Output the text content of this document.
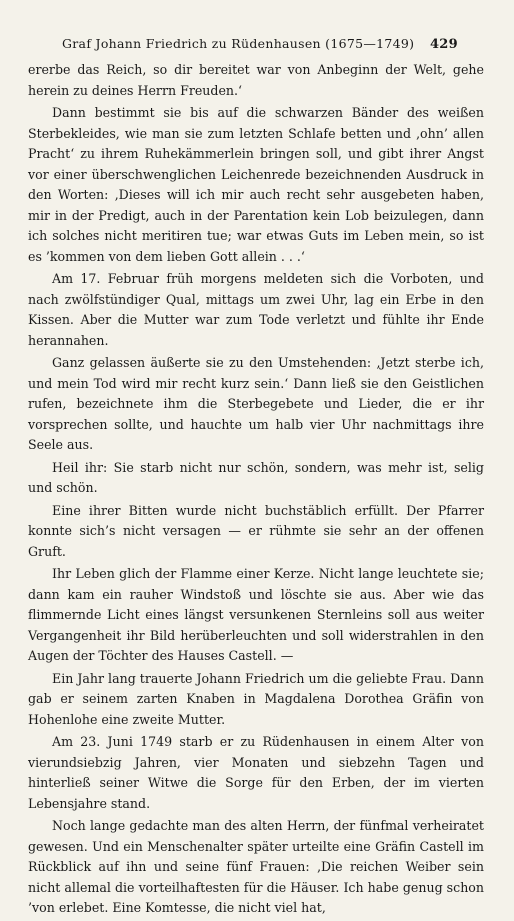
Graf Johann Friedrich zu Rüdenhausen (1675—1749) 429

ererbe das Reich, so dir bereitet war von Anbeginn der Welt, gehe herein zu deines Herrn Freuden.‘

Dann bestimmt sie bis auf die schwarzen Bänder des weißen Sterbekleides, wie man sie zum letzten Schlafe betten und ‚ohn’ allen Pracht‘ zu ihrem Ruhekämmerlein bringen soll, und gibt ihrer Angst vor einer überschwenglichen Leichenrede bezeichnenden Ausdruck in den Worten: ‚Dieses will ich mir auch recht sehr ausgebeten haben, mir in der Predigt, auch in der Parentation kein Lob beizulegen, dann ich solches nicht meritiren tue; war etwas Guts im Leben mein, so ist es ’kommen von dem lieben Gott allein . . .‘

Am 17. Februar früh morgens meldeten sich die Vorboten, und nach zwölfstündiger Qual, mittags um zwei Uhr, lag ein Erbe in den Kissen. Aber die Mutter war zum Tode verletzt und fühlte ihr Ende herannahen.

Ganz gelassen äußerte sie zu den Umstehenden: ‚Jetzt sterbe ich, und mein Tod wird mir recht kurz sein.‘ Dann ließ sie den Geistlichen rufen, bezeichnete ihm die Sterbegebete und Lieder, die er ihr vorsprechen sollte, und hauchte um halb vier Uhr nachmittags ihre Seele aus.

Heil ihr: Sie starb nicht nur schön, sondern, was mehr ist, selig und schön.

Eine ihrer Bitten wurde nicht buchstäblich erfüllt. Der Pfarrer konnte sich’s nicht versagen — er rühmte sie sehr an der offenen Gruft.

Ihr Leben glich der Flamme einer Kerze. Nicht lange leuchtete sie; dann kam ein rauher Windstoß und löschte sie aus. Aber wie das flimmernde Licht eines längst versunkenen Sternleins soll aus weiter Vergangenheit ihr Bild herüberleuchten und soll widerstrahlen in den Augen der Töchter des Hauses Castell. —

Ein Jahr lang trauerte Johann Friedrich um die geliebte Frau. Dann gab er seinem zarten Knaben in Magdalena Dorothea Gräfin von Hohenlohe eine zweite Mutter.

Am 23. Juni 1749 starb er zu Rüdenhausen in einem Alter von vierundsiebzig Jahren, vier Monaten und siebzehn Tagen und hinterließ seiner Witwe die Sorge für den Erben, der im vierten Lebensjahre stand.

Noch lange gedachte man des alten Herrn, der fünfmal verheiratet gewesen. Und ein Menschenalter später urteilte eine Gräfin Castell im Rückblick auf ihn und seine fünf Frauen: ‚Die reichen Weiber sein nicht allemal die vorteilhaftesten für die Häuser. Ich habe genug schon ’von erlebet. Eine Komtesse, die nicht viel hat,
